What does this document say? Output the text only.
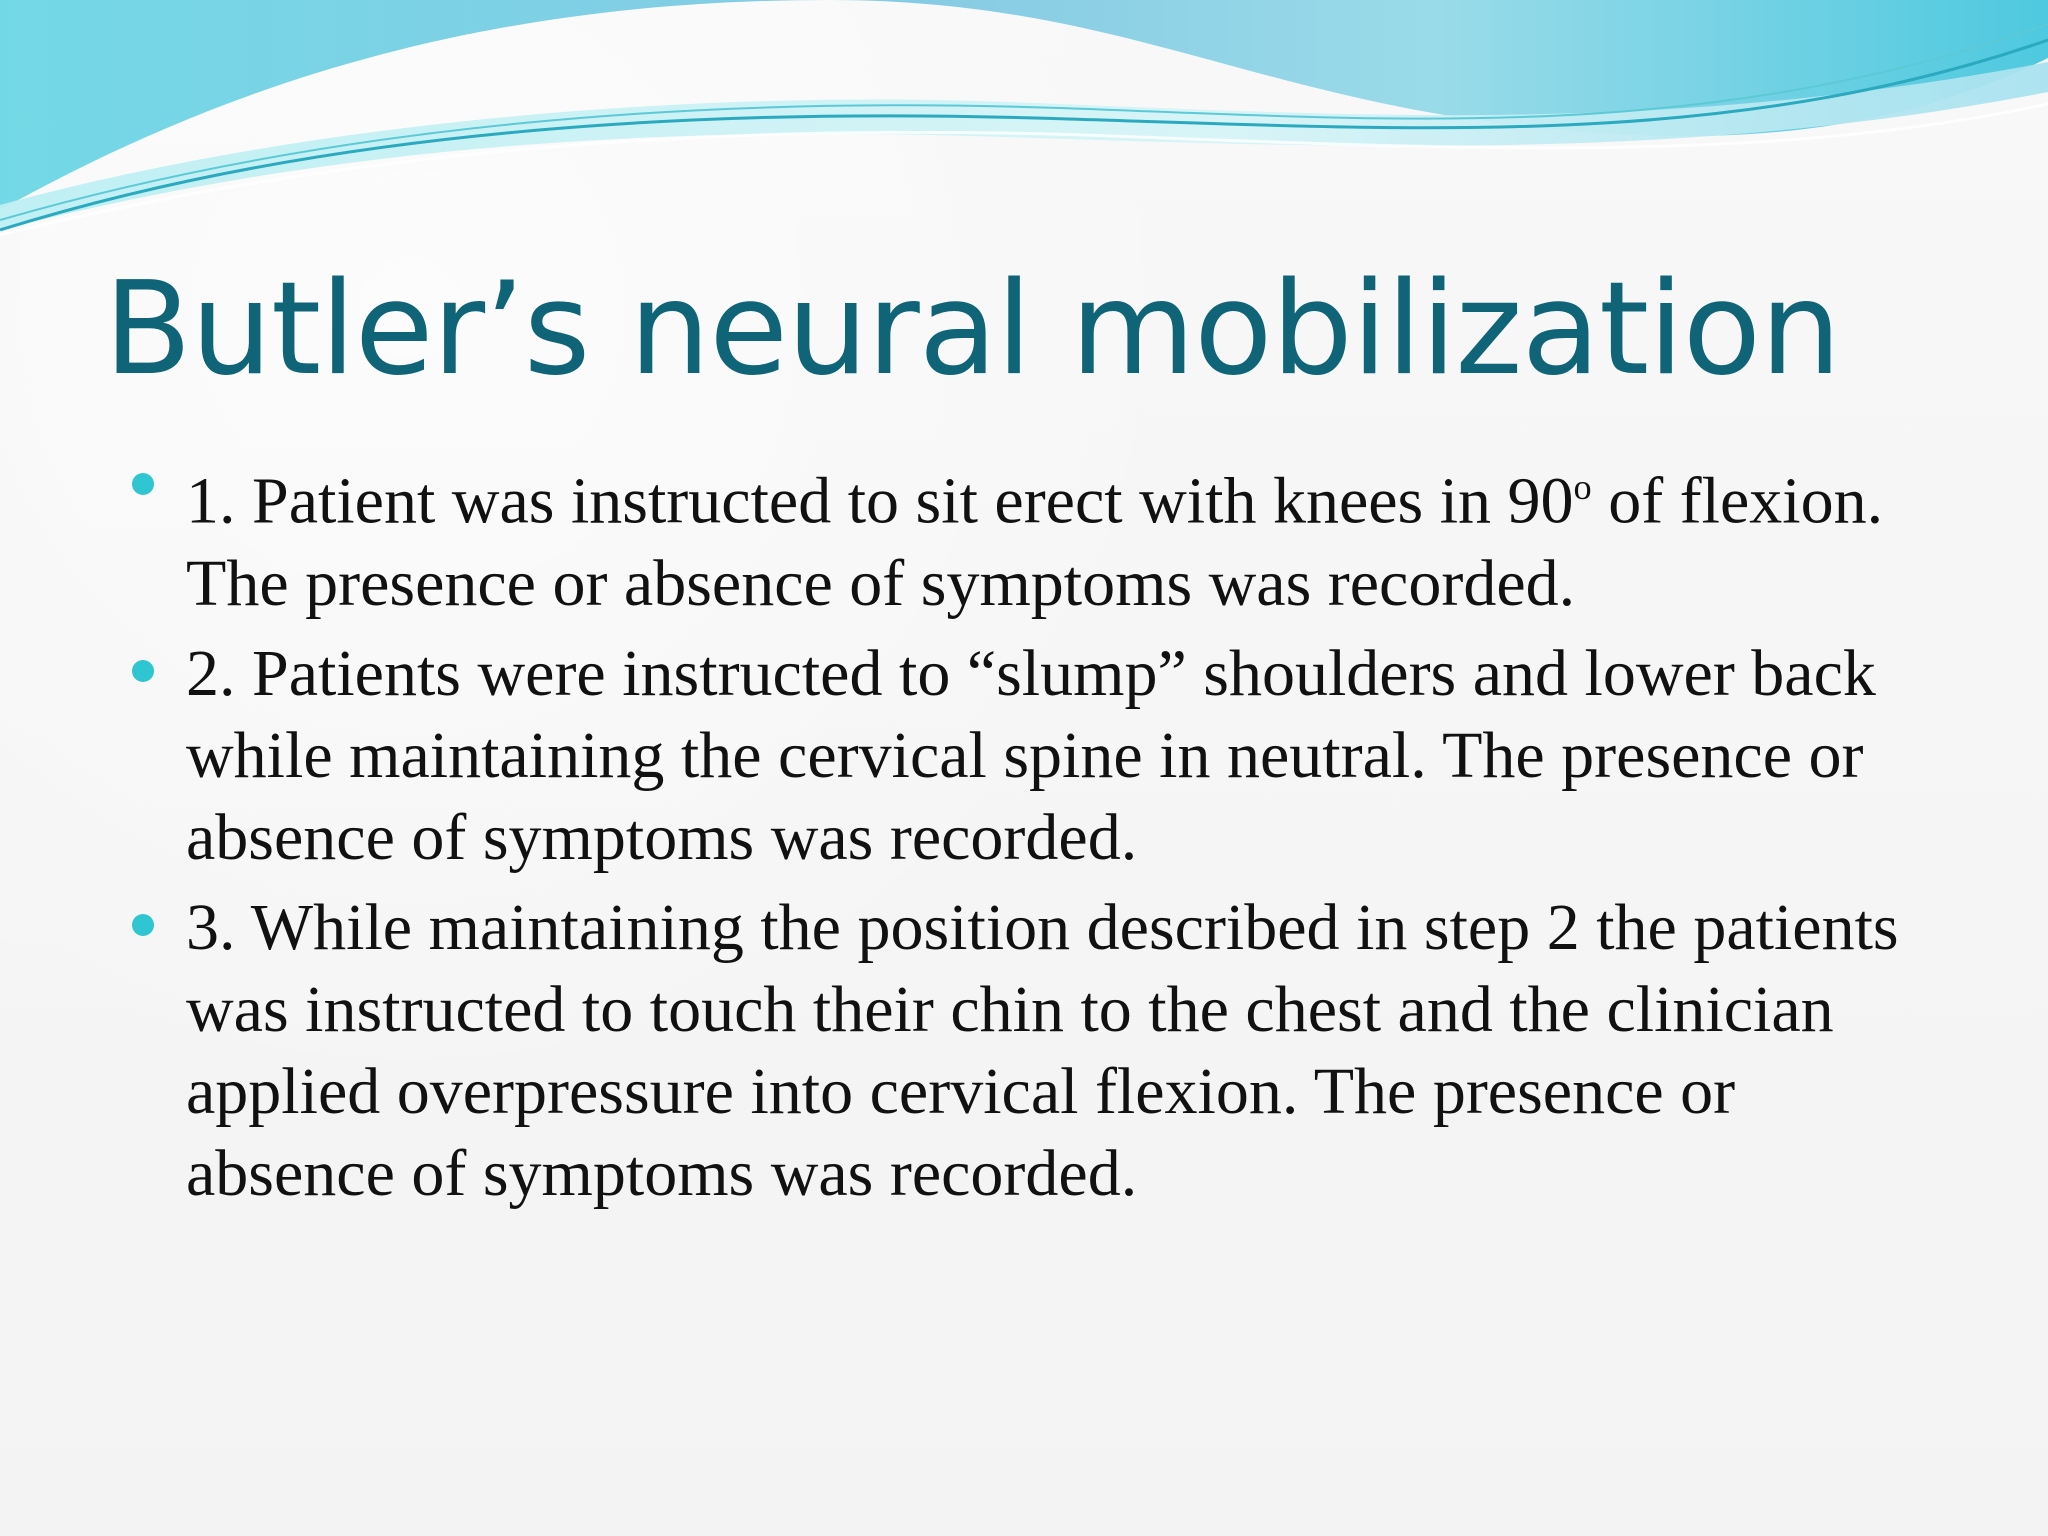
Butler’s neural mobilization
1. Patient was instructed to sit erect with knees in 90$^o$ of flexion. The presence or absence of symptoms was recorded.
2. Patients were instructed to “slump” shoulders and lower back while maintaining the cervical spine in neutral. The presence or absence of symptoms was recorded.
3. While maintaining the position described in step 2 the patients was instructed to touch their chin to the chest and the clinician applied overpressure into cervical flexion. The presence or absence of symptoms was recorded.
